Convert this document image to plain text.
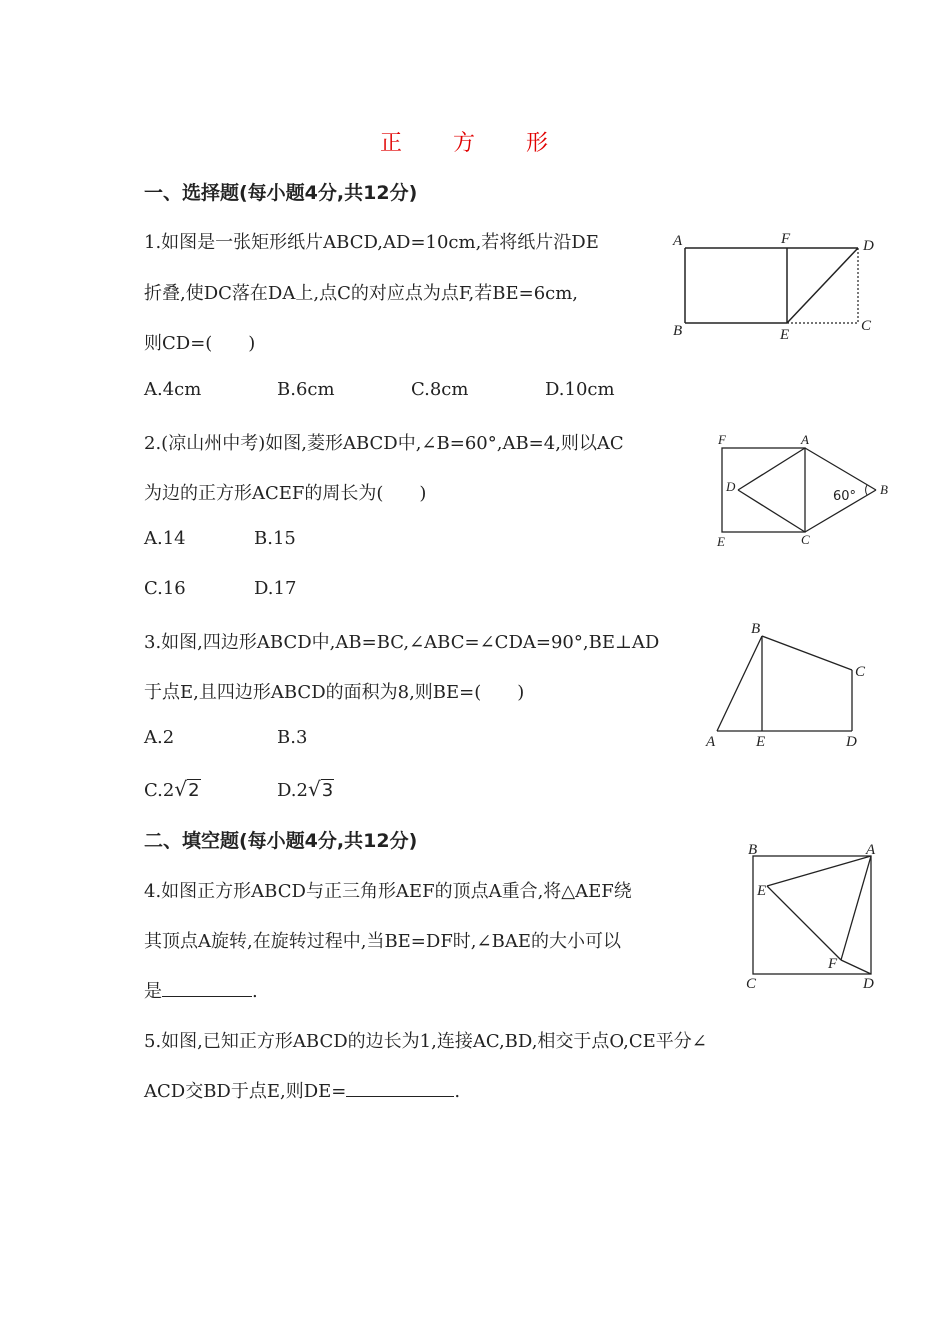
正 方 形
一、选择题(每小题4分,共12分)
1.如图是一张矩形纸片ABCD,AD=10cm,若将纸片沿DE
折叠,使DC落在DA上,点C的对应点为点F,若BE=6cm,
则CD=(　　)
A.4cm	B.6cm	C.8cm	D.10cm
A	F	D
B	E
C
2.(凉山州中考)如图,菱形ABCD中,∠B=60°,AB=4,则以AC
为边的正方形ACEF的周长为(　　)
A.14	B.15
C.16	D.17
F	A
D	B
E	C
60°
3.如图,四边形ABCD中,AB=BC,∠ABC=∠CDA=90°,BE⊥AD
于点E,且四边形ABCD的面积为8,则BE=(　　)
A.2	B.3
C.2√2	D.2√3
B
C
A	E	D
二、填空题(每小题4分,共12分)
4.如图正方形ABCD与正三角形AEF的顶点A重合,将△AEF绕
其顶点A旋转,在旋转过程中,当BE=DF时,∠BAE的大小可以
是	.
B	A
E
F
C	D
5.如图,已知正方形ABCD的边长为1,连接AC,BD,相交于点O,CE平分∠
ACD交BD于点E,则DE=	.
